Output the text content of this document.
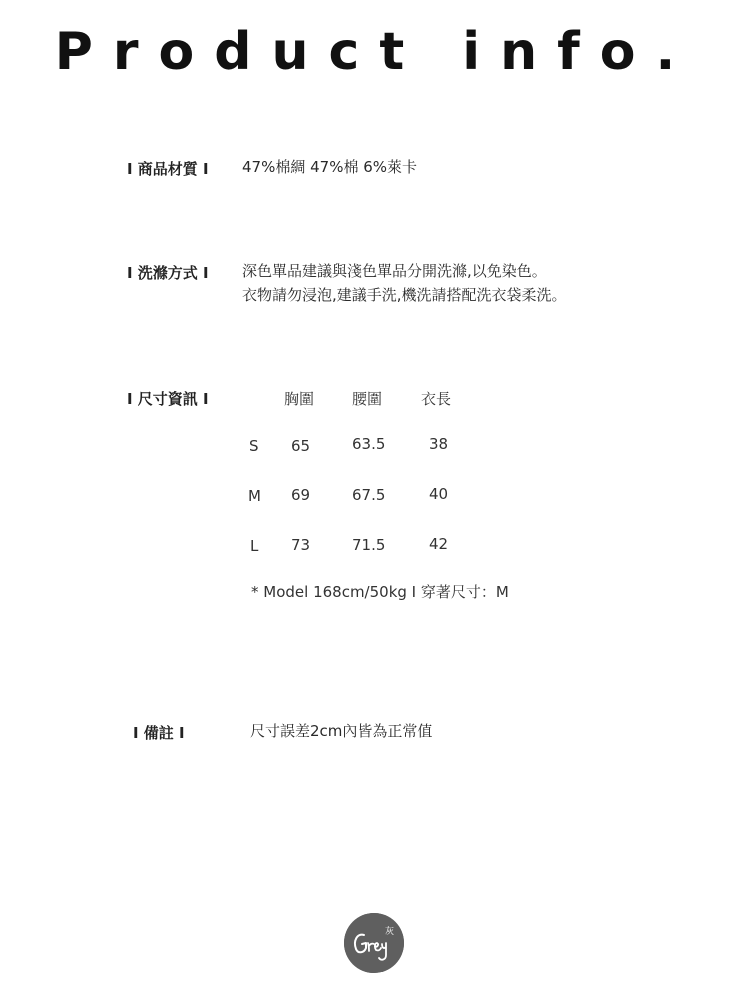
Product info.
I 商品材質 I 47%棉綢 47%棉 6%萊卡
I 洗滌方式 I 深色單品建議與淺色單品分開洗滌,以免染色。
衣物請勿浸泡,建議手洗,機洗請搭配洗衣袋柔洗。
I 尺寸資訊 I	胸圍	腰圍	衣長
S 65	63.5	38
M 69	67.5	40
L 73	71.5	42
* Model 168cm/50kg I 穿著尺寸：M
I 備註 I	尺寸誤差2cm內皆為正常值
灰
